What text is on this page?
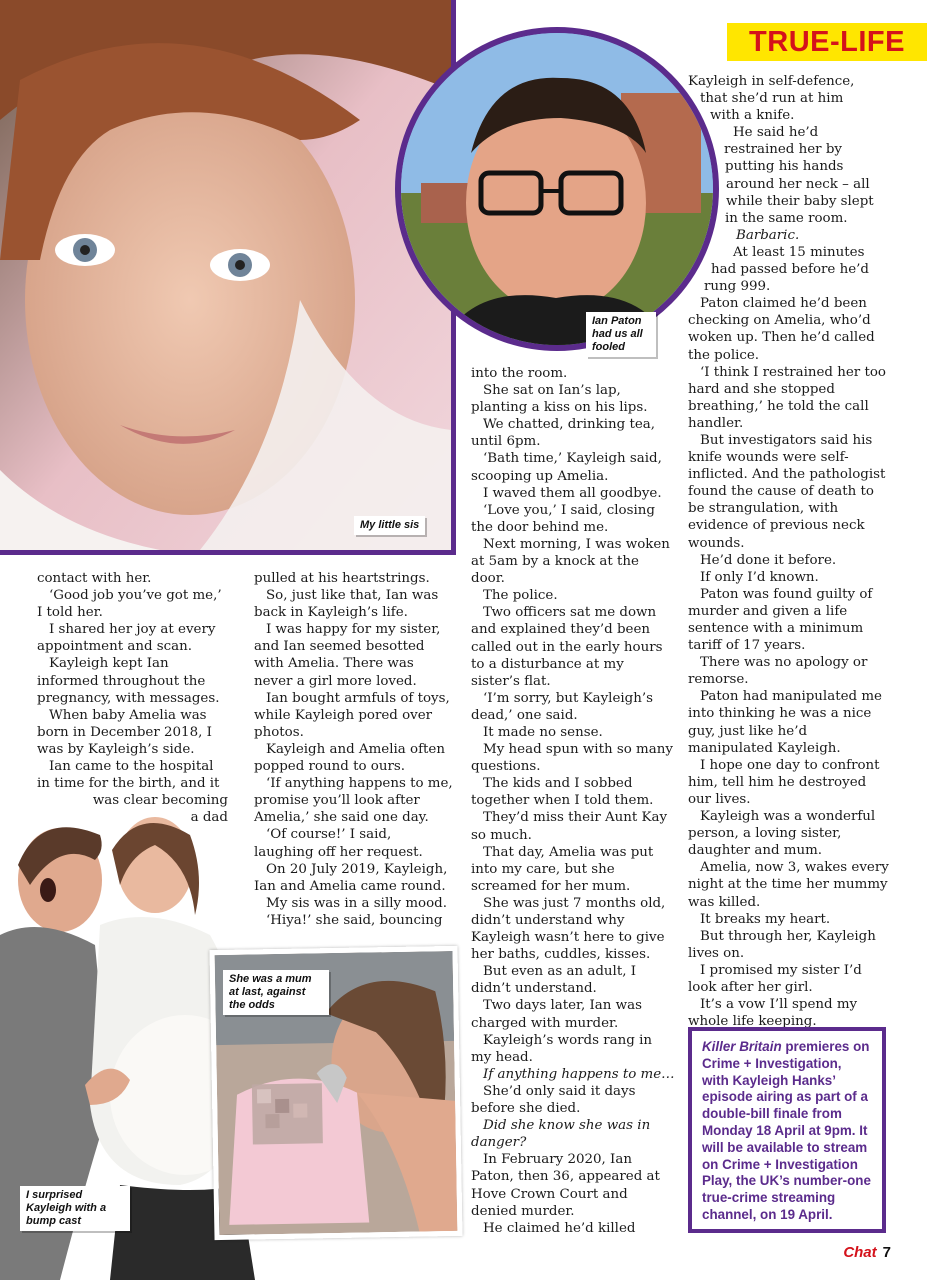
My little sis
Ian Paton had us all fooled
TRUE-LIFE

contact with her.

‘Good job you’ve got me,’ I told her.

I shared her joy at every appointment and scan.

Kayleigh kept Ian informed throughout the pregnancy, with messages.

When baby Amelia was born in December 2018, I was by Kayleigh’s side.

Ian came to the hospital in time for the birth, and it

was clear becoming

a dad

pulled at his heartstrings.

So, just like that, Ian was back in Kayleigh’s life.

I was happy for my sister, and Ian seemed besotted with Amelia. There was never a girl more loved.

Ian bought armfuls of toys, while Kayleigh pored over photos.

Kayleigh and Amelia often popped round to ours.

‘If anything happens to me, promise you’ll look after Amelia,’ she said one day.

‘Of course!’ I said, laughing off her request.

On 20 July 2019, Kayleigh, Ian and Amelia came round.

My sis was in a silly mood.

‘Hiya!’ she said, bouncing

into the room.

She sat on Ian’s lap, planting a kiss on his lips.

We chatted, drinking tea, until 6pm.

‘Bath time,’ Kayleigh said, scooping up Amelia.

I waved them all goodbye.

‘Love you,’ I said, closing the door behind me.

Next morning, I was woken at 5am by a knock at the door.

The police.

Two officers sat me down and explained they’d been called out in the early hours to a disturbance at my sister’s flat.

‘I’m sorry, but Kayleigh’s dead,’ one said.

It made no sense.

My head spun with so many questions.

The kids and I sobbed together when I told them.

They’d miss their Aunt Kay so much.

That day, Amelia was put into my care, but she screamed for her mum.

She was just 7 months old, didn’t understand why Kayleigh wasn’t here to give her baths, cuddles, kisses.

But even as an adult, I didn’t understand.

Two days later, Ian was charged with murder.

Kayleigh’s words rang in my head.

If anything happens to me…

She’d only said it days before she died.

Did she know she was in danger?

In February 2020, Ian Paton, then 36, appeared at Hove Crown Court and denied murder.

He claimed he’d killed

Kayleigh in self-defence,

that she’d run at him

with a knife.

He said he’d

restrained her by

putting his hands

around her neck – all

while their baby slept

in the same room.

Barbaric.

At least 15 minutes

had passed before he’d

rung 999.

Paton claimed he’d been checking on Amelia, who’d woken up. Then he’d called the police.

‘I think I restrained her too hard and she stopped breathing,’ he told the call handler.

But investigators said his knife wounds were self-inflicted. And the pathologist found the cause of death to be strangulation, with evidence of previous neck wounds.

He’d done it before.

If only I’d known.

Paton was found guilty of murder and given a life sentence with a minimum tariff of 17 years.

There was no apology or remorse.

Paton had manipulated me into thinking he was a nice guy, just like he’d manipulated Kayleigh.

I hope one day to confront him, tell him he destroyed our lives.

Kayleigh was a wonderful person, a loving sister, daughter and mum.

Amelia, now 3, wakes every night at the time her mummy was killed.

It breaks my heart.

But through her, Kayleigh lives on.

I promised my sister I’d look after her girl.

It’s a vow I’ll spend my whole life keeping.

I surprised Kayleigh with a bump cast
She was a mum at last, against the odds
Killer Britain premieres on Crime + Investigation, with Kayleigh Hanks’ episode airing as part of a double-bill finale from Monday 18 April at 9pm. It will be available to stream on Crime + Investigation Play, the UK’s number-one true-crime streaming channel, on 19 April.
Chat 7
